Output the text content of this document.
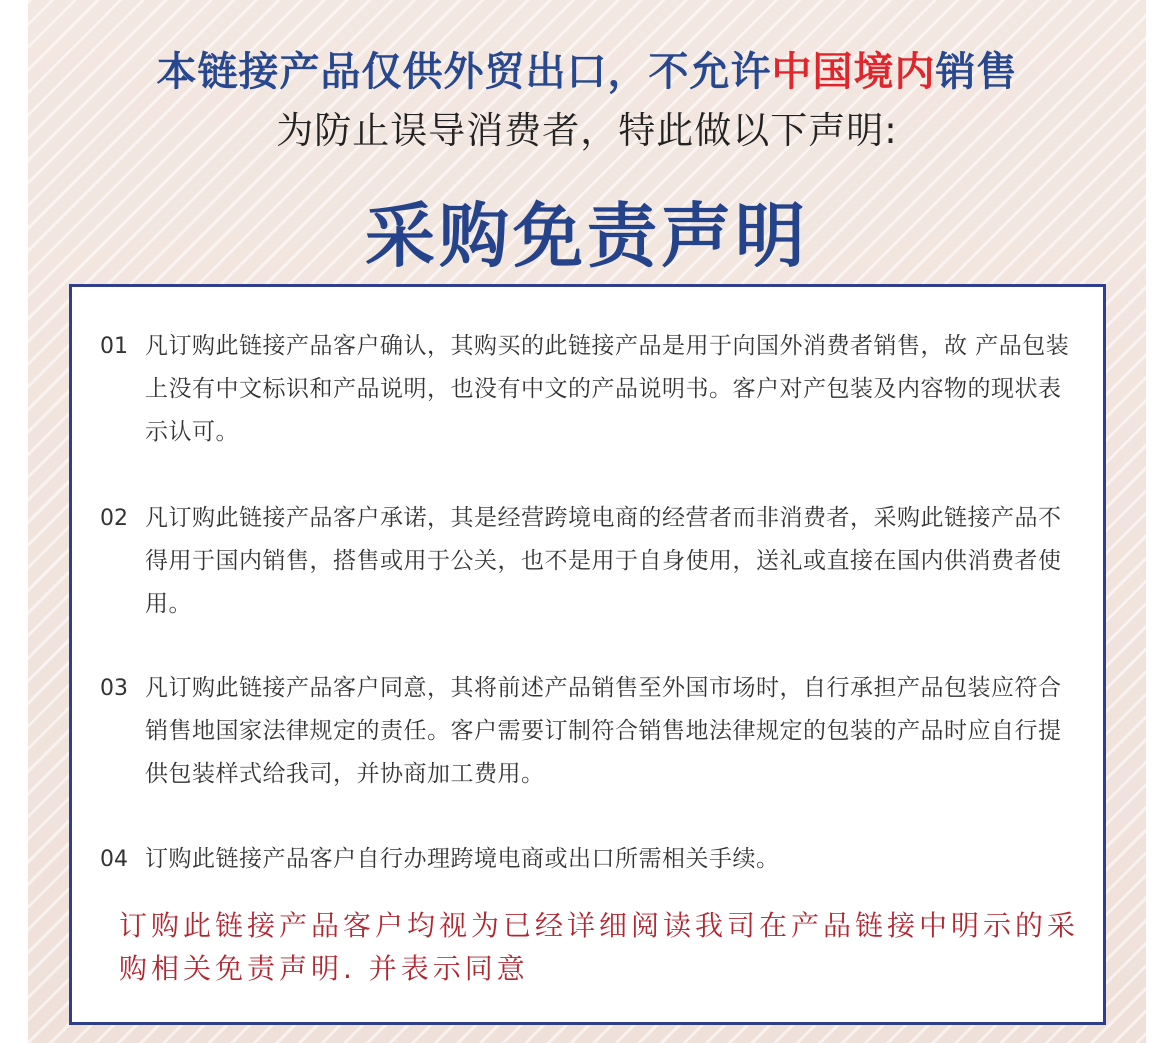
本链接产品仅供外贸出口，不允许中国境内销售
为防止误导消费者，特此做以下声明:
采购免责声明
01 凡订购此链接产品客户确认，其购买的此链接产品是用于向国外消费者销售，故 产品包装上没有中文标识和产品说明，也没有中文的产品说明书。客户对产包装及内容物的现状表示认可。
02 凡订购此链接产品客户承诺，其是经营跨境电商的经营者而非消费者，采购此链接产品不得用于国内销售，搭售或用于公关，也不是用于自身使用，送礼或直接在国内供消费者使用。
03 凡订购此链接产品客户同意，其将前述产品销售至外国市场时，自行承担产品包装应符合销售地国家法律规定的责任。客户需要订制符合销售地法律规定的包装的产品时应自行提供包装样式给我司，并协商加工费用。
04 订购此链接产品客户自行办理跨境电商或出口所需相关手续。
订购此链接产品客户均视为已经详细阅读我司在产品链接中明示的采购相关免责声明. 并表示同意
